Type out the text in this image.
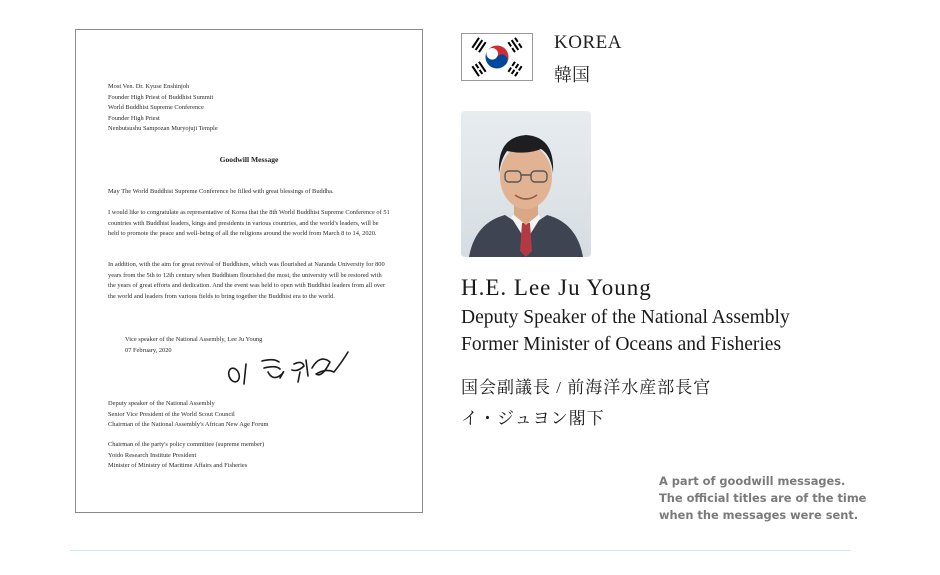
Most Ven. Dr. Kyuse Enshinjoh

Founder High Priest of Buddhist Summit

World Buddhist Supreme Conference

Founder High Priest

Nenbutsushu Sampozan Muryojuji Temple

Goodwill Message

May The World Buddhist Supreme Conference be filled with great blessings of Buddha.

I would like to congratulate as representative of Korea that the 8th World Buddhist Supreme Conference of 51 countries with Buddhist leaders, kings and presidents in various countries, and the world's leaders, will be held to promote the peace and well-being of all the religions around the world from March 8 to 14, 2020.

In addition, with the aim for great revival of Buddhism, which was flourished at Naranda University for 800 years from the 5th to 12th century when Buddhism flourished the most, the university will be restored with the years of great efforts and dedication. And the event was held to open with Buddhist leaders from all over the world and leaders from various fields to bring together the Buddhist era to the world.

Vice speaker of the National Assembly, Lee Ju Young

07 February, 2020

Deputy speaker of the National Assembly

Senior Vice President of the World Scout Council

Chairman of the National Assembly's African New Age Forum

Chairman of the party's policy committee (supreme member)

Yoido Research Institute President

Minister of Ministry of Maritime Affairs and Fisheries

KOREA
韓国
H.E. Lee Ju Young
Deputy Speaker of the National Assembly
Former Minister of Oceans and Fisheries
国会副議長 / 前海洋水産部長官
イ・ジュヨン閣下
A part of goodwill messages.
The official titles are of the time
when the messages were sent.
